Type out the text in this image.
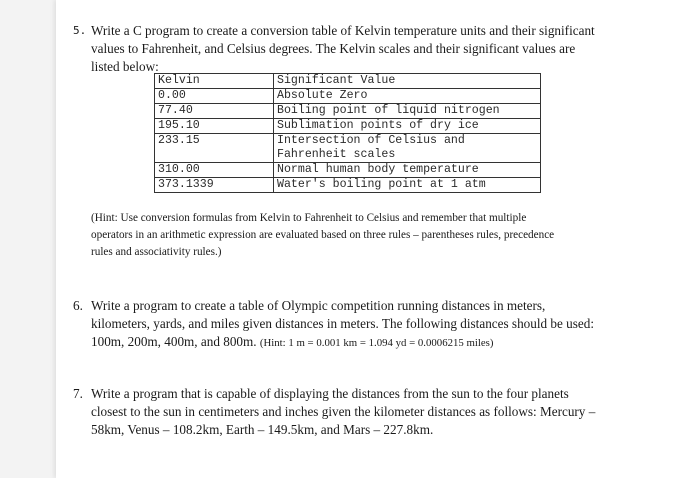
5. Write a C program to create a conversion table of Kelvin temperature units and their significant
values to Fahrenheit, and Celsius degrees. The Kelvin scales and their significant values are
listed below:
Kelvin	Significant Value
0.00	Absolute Zero
77.40	Boiling point of liquid nitrogen
195.10	Sublimation points of dry ice
233.15	Intersection of Celsius and
Fahrenheit scales

310.00	Normal human body temperature
373.1339	Water's boiling point at 1 atm
(Hint: Use conversion formulas from Kelvin to Fahrenheit to Celsius and remember that multiple
operators in an arithmetic expression are evaluated based on three rules – parentheses rules, precedence
rules and associativity rules.)
6. Write a program to create a table of Olympic competition running distances in meters,
kilometers, yards, and miles given distances in meters. The following distances should be used:
100m, 200m, 400m, and 800m. (Hint: 1 m = 0.001 km = 1.094 yd = 0.0006215 miles)
7. Write a program that is capable of displaying the distances from the sun to the four planets
closest to the sun in centimeters and inches given the kilometer distances as follows: Mercury –
58km, Venus – 108.2km, Earth – 149.5km, and Mars – 227.8km.
